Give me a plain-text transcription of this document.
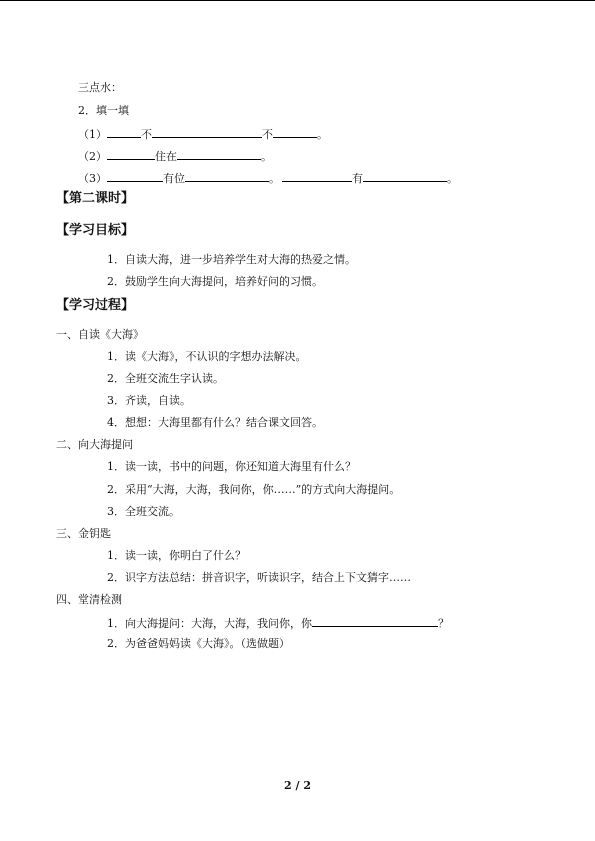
三点水：
2．填一填
（1）	不	不	。
（2）	住在	。
（3）	有位	。	有	。
【第二课时】
【学习目标】
1．自读大海，进一步培养学生对大海的热爱之情。
2．鼓励学生向大海提问，培养好问的习惯。
【学习过程】
一、自读《大海》
1．读《大海》，不认识的字想办法解决。
2．全班交流生字认读。
3．齐读，自读。
4．想想：大海里都有什么？结合课文回答。
二、向大海提问
1．读一读，书中的问题，你还知道大海里有什么？
2．采用“大海，大海，我问你，你……”的方式向大海提问。
3．全班交流。
三、金钥匙
1．读一读，你明白了什么？
2．识字方法总结：拼音识字，听读识字，结合上下文猜字……
四、堂清检测
1．向大海提问：大海，大海，我问你，你	？
2．为爸爸妈妈读《大海》。（选做题）
2 / 2
